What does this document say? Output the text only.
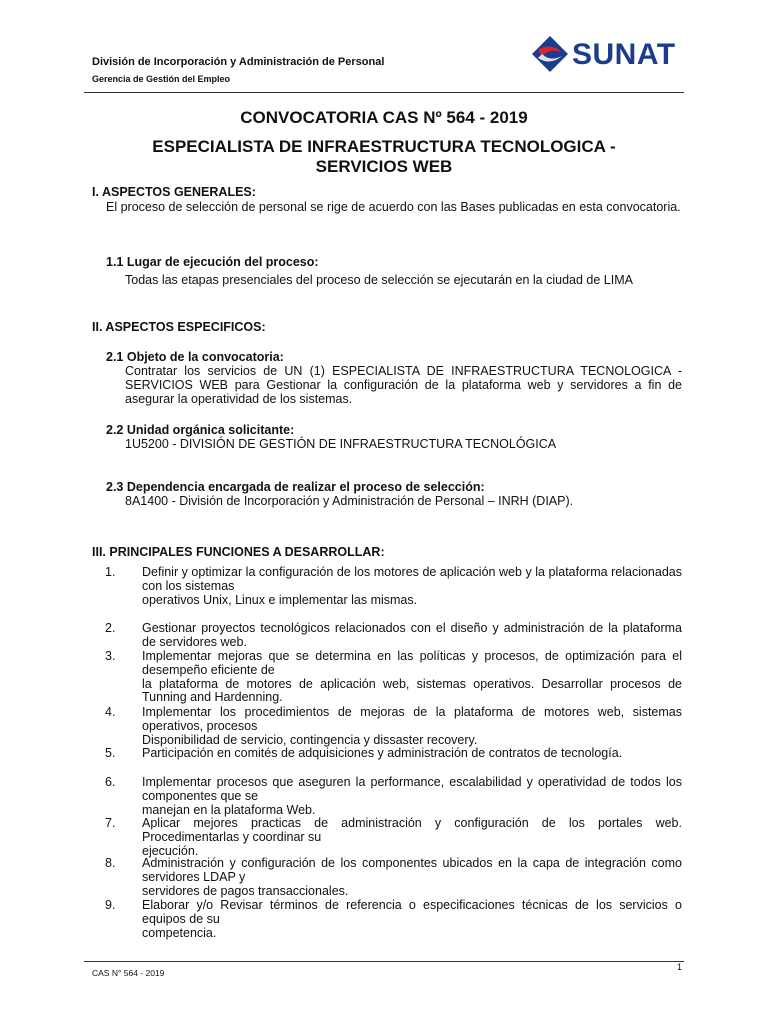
División de Incorporación y Administración de Personal
Gerencia de Gestión del Empleo
SUNAT
CONVOCATORIA CAS Nº 564 - 2019
ESPECIALISTA DE INFRAESTRUCTURA TECNOLOGICA -
SERVICIOS WEB
I. ASPECTOS GENERALES:
El proceso de selección de personal se rige de acuerdo con las Bases publicadas en esta convocatoria.
1.1 Lugar de ejecución del proceso:
Todas las etapas presenciales del proceso de selección se ejecutarán en la ciudad de LIMA
II. ASPECTOS ESPECIFICOS:
2.1 Objeto de la convocatoria:
Contratar los servicios de UN (1) ESPECIALISTA DE INFRAESTRUCTURA TECNOLOGICA - SERVICIOS WEB para Gestionar la configuración de la plataforma web y servidores a fin de asegurar la operatividad de los sistemas.
2.2 Unidad orgánica solicitante:
1U5200 - DIVISIÓN DE GESTIÓN DE INFRAESTRUCTURA TECNOLÓGICA
2.3 Dependencia encargada de realizar el proceso de selección:
8A1400 - División de Incorporación y Administración de Personal – INRH (DIAP).
III. PRINCIPALES FUNCIONES A DESARROLLAR:
1. Definir y optimizar la configuración de los motores de aplicación web y la plataforma relacionadas con los sistemas
operativos Unix, Linux e implementar las mismas.
2. Gestionar proyectos tecnológicos relacionados con el diseño y administración de la plataforma de servidores web.
3. Implementar mejoras que se determina en las políticas y procesos, de optimización para el desempeño eficiente de
la plataforma de motores de aplicación web, sistemas operativos. Desarrollar procesos de Tunning and Hardenning.
4. Implementar los procedimientos de mejoras de la plataforma de motores web, sistemas operativos, procesos
Disponibilidad de servicio, contingencia y dissaster recovery.
5. Participación en comités de adquisiciones y administración de contratos de tecnología.
6. Implementar procesos que aseguren la performance, escalabilidad y operatividad de todos los componentes que se
manejan en la plataforma Web.
7. Aplicar mejores practicas de administración y configuración de los portales web. Procedimentarlas y coordinar su
ejecución.
8. Administración y configuración de los componentes ubicados en la capa de integración como servidores LDAP y
servidores de pagos transaccionales.
9. Elaborar y/o Revisar términos de referencia o especificaciones técnicas de los servicios o equipos de su
competencia.
CAS N° 564 - 2019
1
